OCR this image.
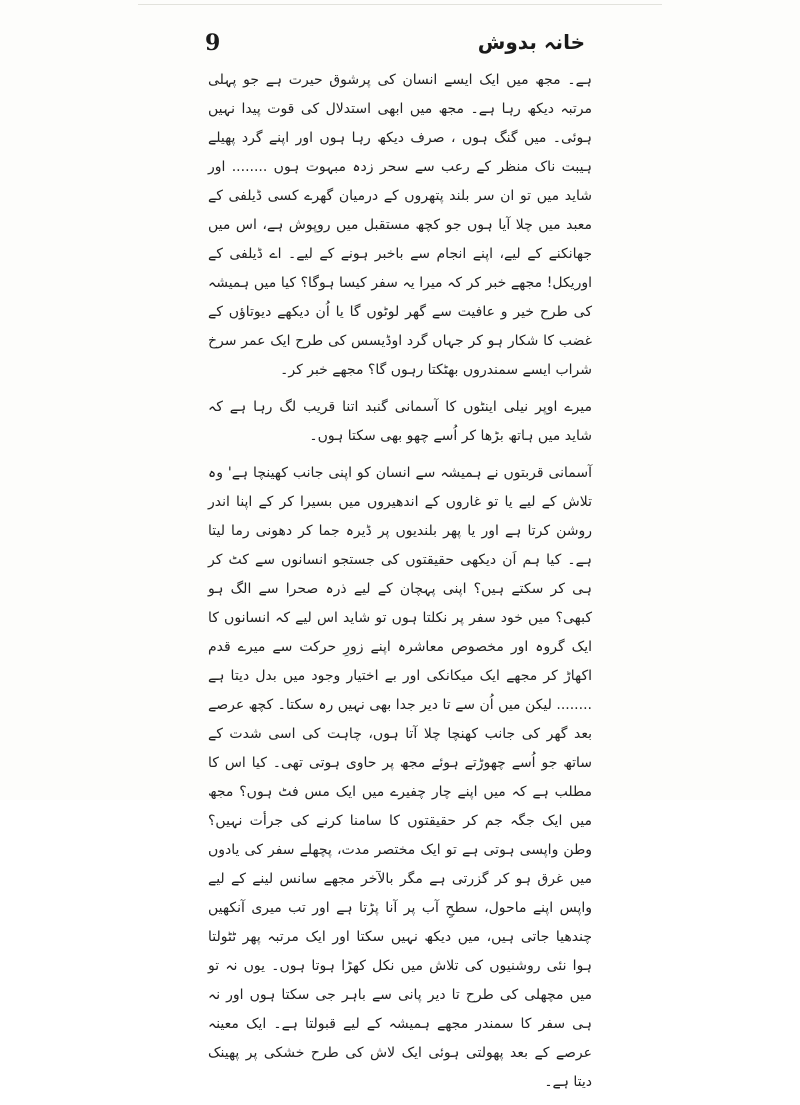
9	خانہ بدوش

ہے۔ مجھ میں ایک ایسے انسان کی پرشوق حیرت ہے جو پہلی مرتبہ دیکھ رہا ہے۔ مجھ میں ابھی استدلال کی قوت پیدا نہیں ہوئی۔ میں گنگ ہوں ، صرف دیکھ رہا ہوں اور اپنے گرد پھیلے ہیبت ناک منظر کے رعب سے سحر زدہ مبہوت ہوں ........ اور شاید میں تو ان سر بلند پتھروں کے درمیان گھرے کسی ڈیلفی کے معبد میں چلا آیا ہوں جو کچھ مستقبل میں روپوش ہے، اس میں جھانکنے کے لیے، اپنے انجام سے باخبر ہونے کے لیے۔ اے ڈیلفی کے اوریکل! مجھے خبر کر کہ میرا یہ سفر کیسا ہوگا؟ کیا میں ہمیشہ کی طرح خیر و عافیت سے گھر لوٹوں گا یا اُن دیکھے دیوتاؤں کے غضب کا شکار ہو کر جہاں گرد اوڈیسس کی طرح ایک عمر سرخ شراب ایسے سمندروں بھٹکتا رہوں گا؟ مجھے خبر کر۔

میرے اوپر نیلی اینٹوں کا آسمانی گنبد اتنا قریب لگ رہا ہے کہ شاید میں ہاتھ بڑھا کر اُسے چھو بھی سکتا ہوں۔

آسمانی قربتوں نے ہمیشہ سے انسان کو اپنی جانب کھینچا ہے' وہ تلاش کے لیے یا تو غاروں کے اندھیروں میں بسیرا کر کے اپنا اندر روشن کرتا ہے اور یا پھر بلندیوں پر ڈیرہ جما کر دھونی رما لیتا ہے۔ کیا ہم اَن دیکھی حقیقتوں کی جستجو انسانوں سے کٹ کر ہی کر سکتے ہیں؟ اپنی پہچان کے لیے ذرہ صحرا سے الگ ہو کبھی؟ میں خود سفر پر نکلتا ہوں تو شاید اس لیے کہ انسانوں کا ایک گروہ اور مخصوص معاشرہ اپنے زورِ حرکت سے میرے قدم اکھاڑ کر مجھے ایک میکانکی اور بے اختیار وجود میں بدل دیتا ہے ........ لیکن میں اُن سے تا دیر جدا بھی نہیں رہ سکتا۔ کچھ عرصے بعد گھر کی جانب کھنچا چلا آتا ہوں، چاہت کی اسی شدت کے ساتھ جو اُسے چھوڑتے ہوئے مجھ پر حاوی ہوتی تھی۔ کیا اس کا مطلب ہے کہ میں اپنے چار چفیرے میں ایک مس فٹ ہوں؟ مجھ میں ایک جگہ جم کر حقیقتوں کا سامنا کرنے کی جرأت نہیں؟ وطن واپسی ہوتی ہے تو ایک مختصر مدت، پچھلے سفر کی یادوں میں غرق ہو کر گزرتی ہے مگر بالآخر مجھے سانس لینے کے لیے واپس اپنے ماحول، سطحِ آب پر آنا پڑتا ہے اور تب میری آنکھیں چندھیا جاتی ہیں، میں دیکھ نہیں سکتا اور ایک مرتبہ پھر ٹٹولتا ہوا نئی روشنیوں کی تلاش میں نکل کھڑا ہوتا ہوں۔ یوں نہ تو میں مچھلی کی طرح تا دیر پانی سے باہر جی سکتا ہوں اور نہ ہی سفر کا سمندر مجھے ہمیشہ کے لیے قبولتا ہے۔ ایک معینہ عرصے کے بعد پھولتی ہوئی ایک لاش کی طرح خشکی پر پھینک دیتا ہے۔
